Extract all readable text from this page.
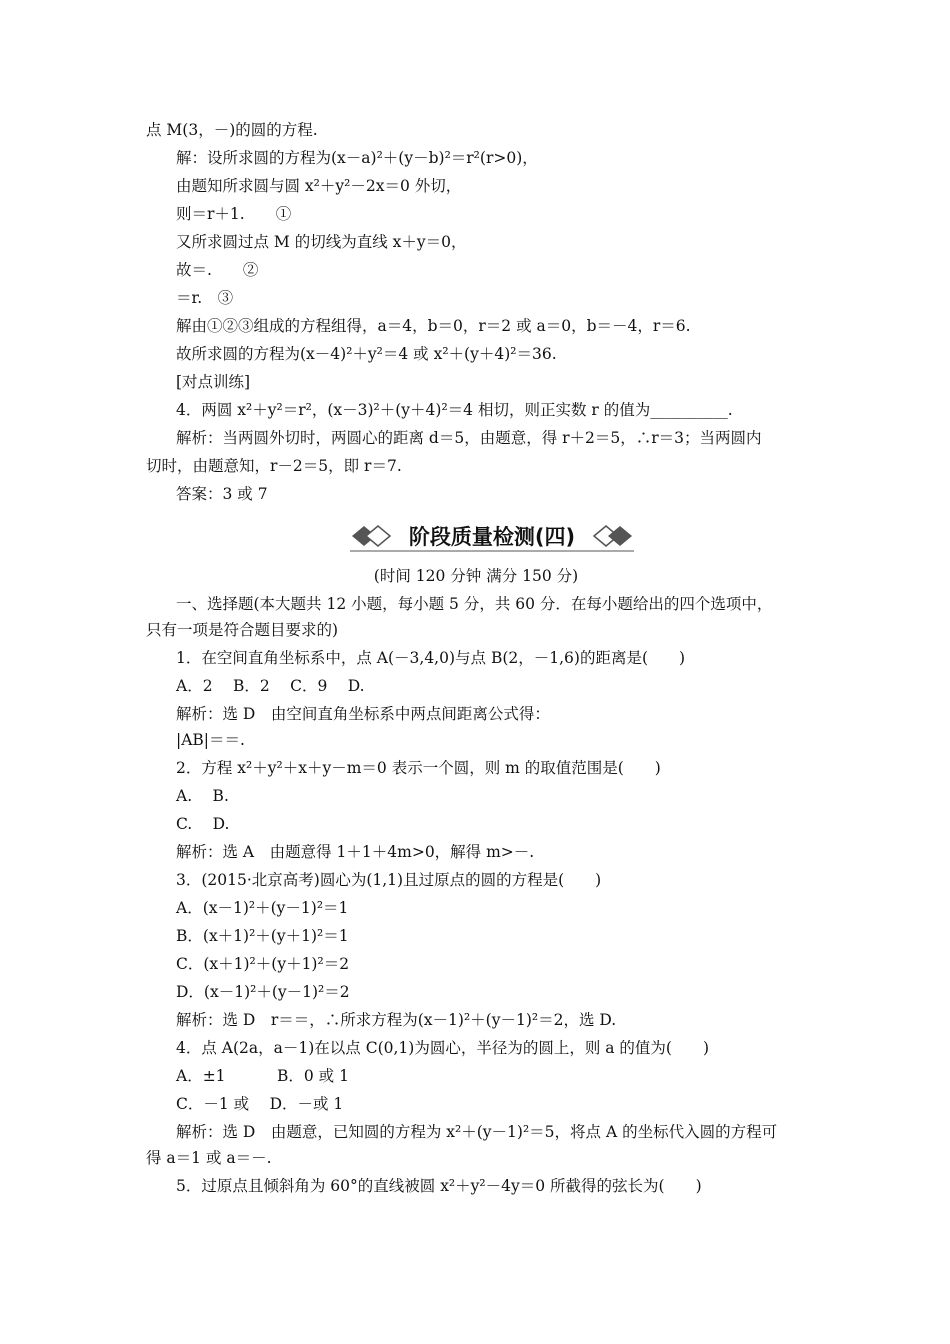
点 M(3，－)的圆的方程.
解：设所求圆的方程为(x－a)²＋(y－b)²＝r²(r>0)，
由题知所求圆与圆 x²＋y²－2x＝0 外切，
则＝r＋1.　　①
又所求圆过点 M 的切线为直线 x＋y＝0，
故＝.　　②
＝r.　③
解由①②③组成的方程组得，a＝4，b＝0，r＝2 或 a＝0，b＝－4，r＝6.
故所求圆的方程为(x－4)²＋y²＝4 或 x²＋(y＋4)²＝36.
[对点训练]
4．两圆 x²＋y²＝r²，(x－3)²＋(y＋4)²＝4 相切，则正实数 r 的值为__________.
解析：当两圆外切时，两圆心的距离 d＝5，由题意，得 r＋2＝5，∴r＝3；当两圆内
切时，由题意知，r－2＝5，即 r＝7.
答案：3 或 7
阶段质量检测(四)
(时间 120 分钟 满分 150 分)
一、选择题(本大题共 12 小题，每小题 5 分，共 60 分．在每小题给出的四个选项中，
只有一项是符合题目要求的)
1．在空间直角坐标系中，点 A(－3,4,0)与点 B(2，－1,6)的距离是(　　)
A．2　 B．2　 C．9　 D.
解析：选 D　由空间直角坐标系中两点间距离公式得：
|AB|＝＝.
2．方程 x²＋y²＋x＋y－m＝0 表示一个圆，则 m 的取值范围是(　　)
A.　 B.
C.　 D.
解析：选 A　由题意得 1＋1＋4m>0，解得 m>－.
3．(2015·北京高考)圆心为(1,1)且过原点的圆的方程是(　　)
A．(x－1)²＋(y－1)²＝1
B．(x＋1)²＋(y＋1)²＝1
C．(x＋1)²＋(y＋1)²＝2
D．(x－1)²＋(y－1)²＝2
解析：选 D　r＝＝，∴所求方程为(x－1)²＋(y－1)²＝2，选 D.
4．点 A(2a，a－1)在以点 C(0,1)为圆心，半径为的圆上，则 a 的值为(　　)
A．±1　　　 B．0 或 1
C．－1 或　 D．－或 1
解析：选 D　由题意，已知圆的方程为 x²＋(y－1)²＝5，将点 A 的坐标代入圆的方程可
得 a＝1 或 a＝－.
5．过原点且倾斜角为 60°的直线被圆 x²＋y²－4y＝0 所截得的弦长为(　　)
